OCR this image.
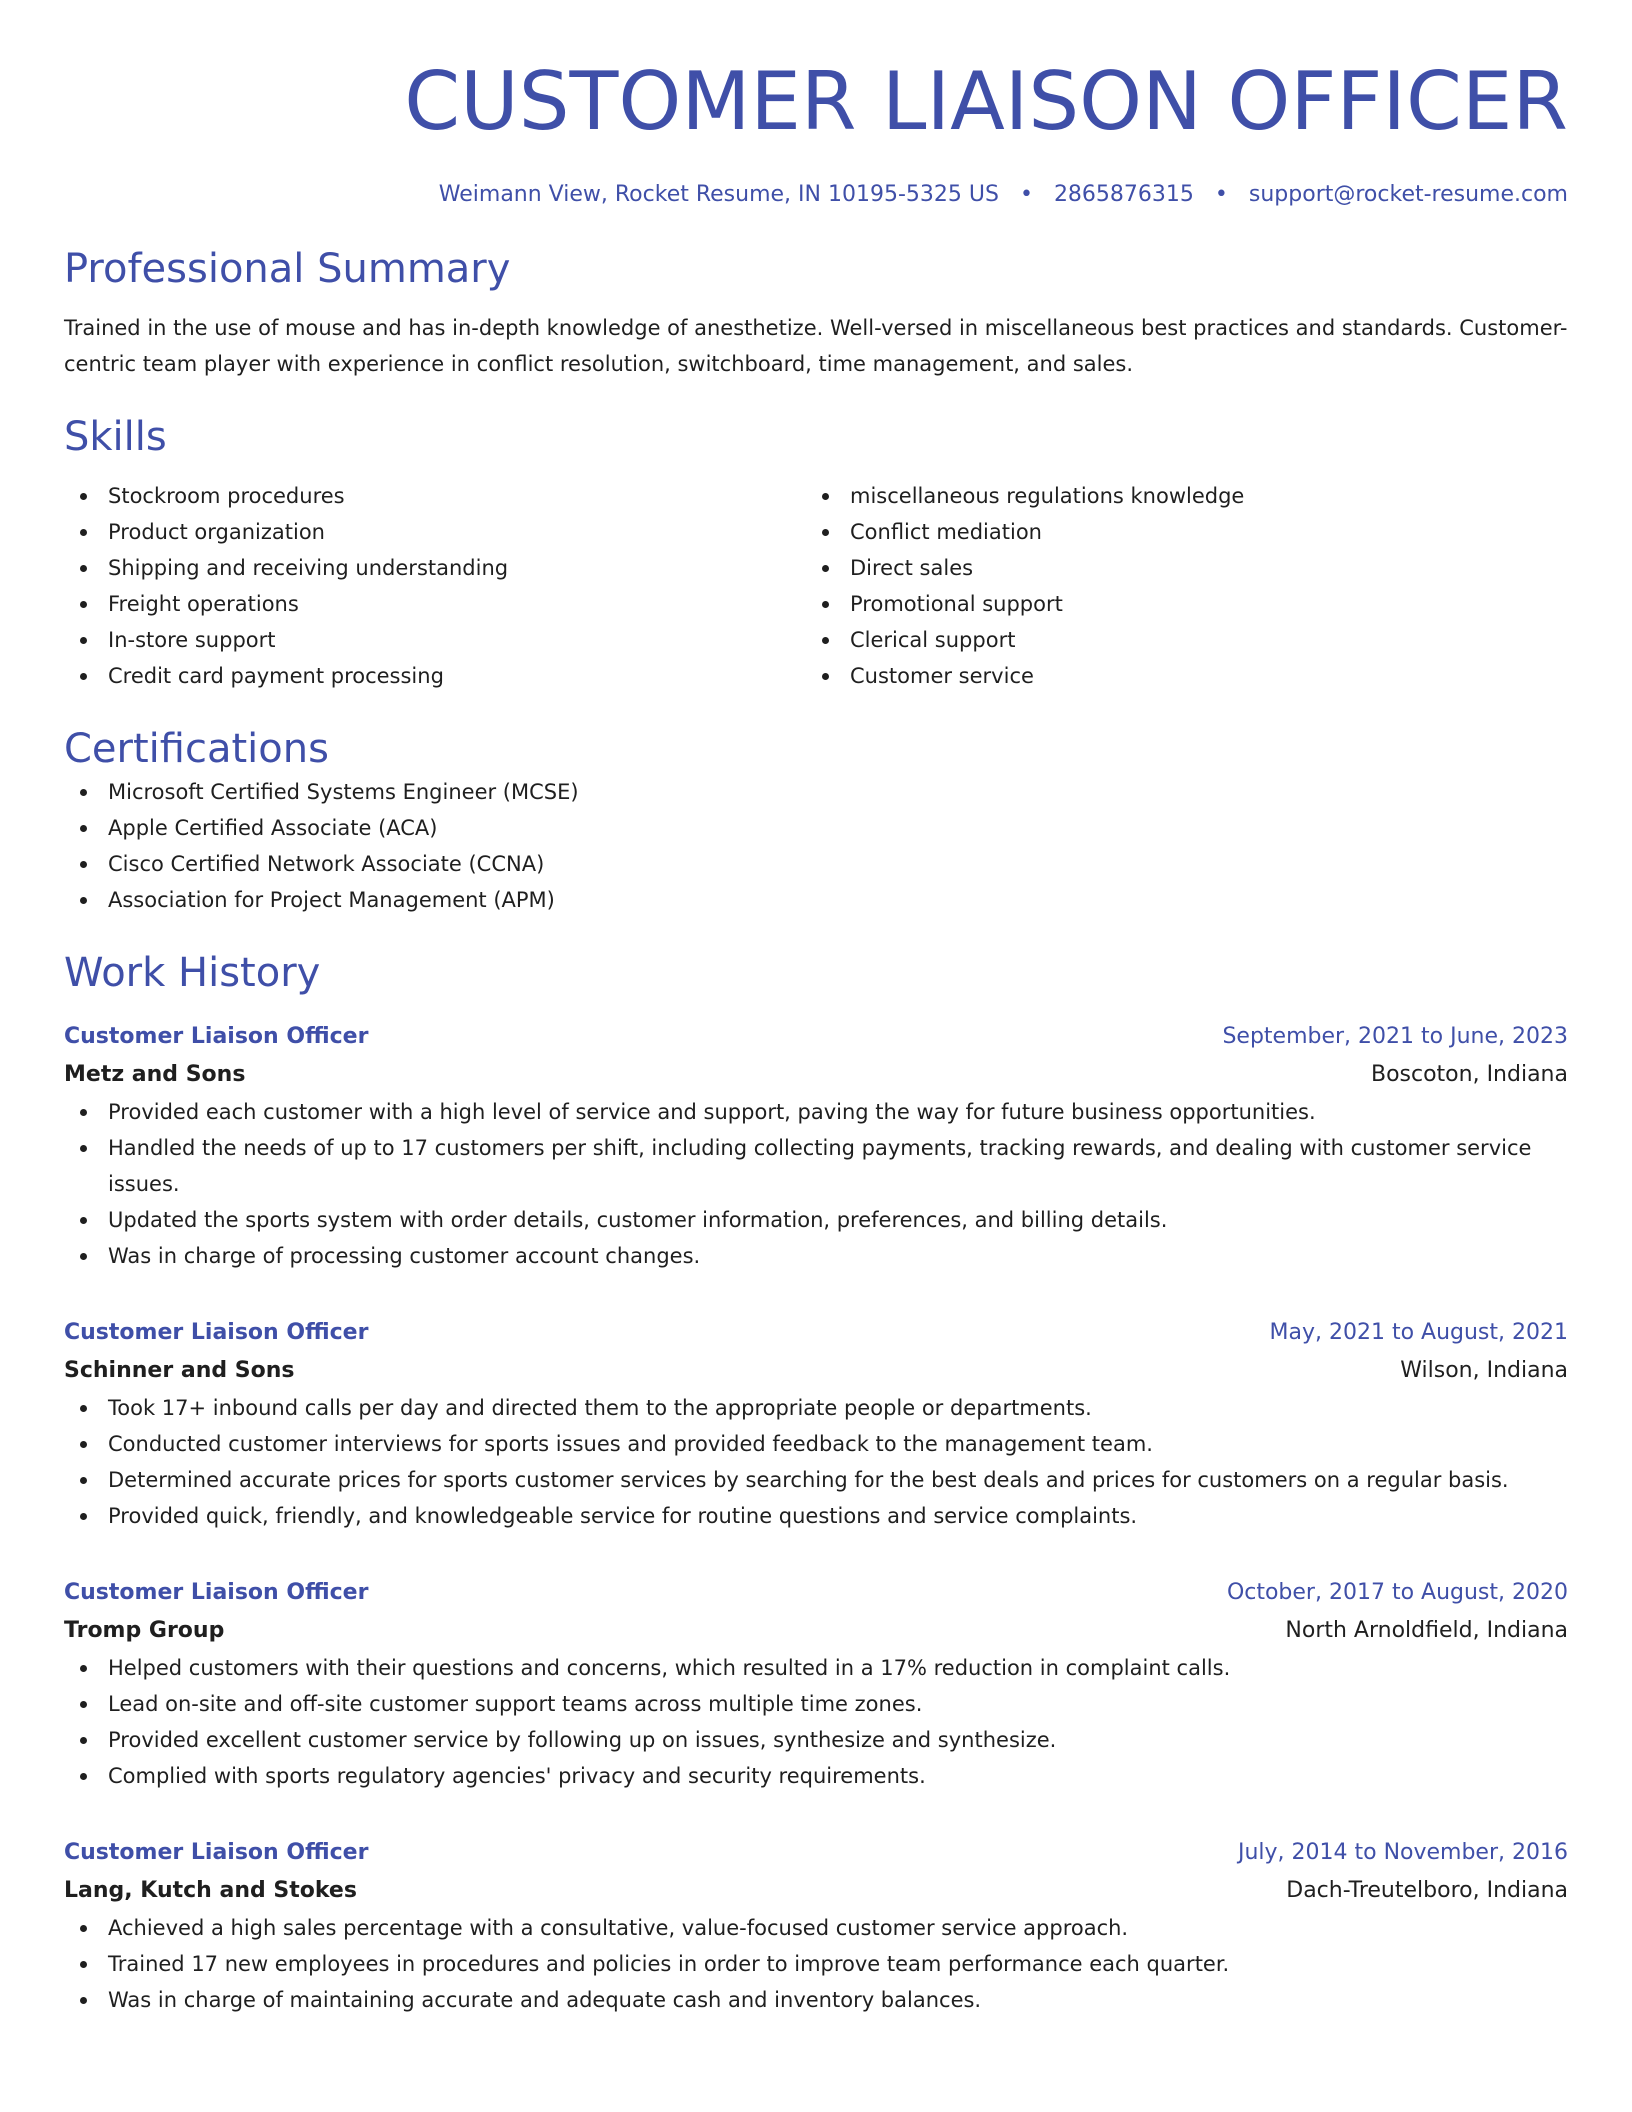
CUSTOMER LIAISON OFFICER
Weimann View, Rocket Resume, IN 10195-5325 US • 2865876315 • support@rocket-resume.com
Professional Summary
Trained in the use of mouse and has in-depth knowledge of anesthetize. Well-versed in miscellaneous best practices and standards. Customer-centric team player with experience in conflict resolution, switchboard, time management, and sales.
Skills
Stockroom procedures
Product organization
Shipping and receiving understanding
Freight operations
In-store support
Credit card payment processing
miscellaneous regulations knowledge
Conflict mediation
Direct sales
Promotional support
Clerical support
Customer service
Certifications
Microsoft Certified Systems Engineer (MCSE)
Apple Certified Associate (ACA)
Cisco Certified Network Associate (CCNA)
Association for Project Management (APM)
Work History
Customer Liaison Officer	September, 2021 to June, 2023
Metz and Sons	Boscoton, Indiana
Provided each customer with a high level of service and support, paving the way for future business opportunities.
Handled the needs of up to 17 customers per shift, including collecting payments, tracking rewards, and dealing with customer service issues.
Updated the sports system with order details, customer information, preferences, and billing details.
Was in charge of processing customer account changes.
Customer Liaison Officer	May, 2021 to August, 2021
Schinner and Sons	Wilson, Indiana
Took 17+ inbound calls per day and directed them to the appropriate people or departments.
Conducted customer interviews for sports issues and provided feedback to the management team.
Determined accurate prices for sports customer services by searching for the best deals and prices for customers on a regular basis.
Provided quick, friendly, and knowledgeable service for routine questions and service complaints.
Customer Liaison Officer	October, 2017 to August, 2020
Tromp Group	North Arnoldfield, Indiana
Helped customers with their questions and concerns, which resulted in a 17% reduction in complaint calls.
Lead on-site and off-site customer support teams across multiple time zones.
Provided excellent customer service by following up on issues, synthesize and synthesize.
Complied with sports regulatory agencies' privacy and security requirements.
Customer Liaison Officer	July, 2014 to November, 2016
Lang, Kutch and Stokes	Dach-Treutelboro, Indiana
Achieved a high sales percentage with a consultative, value-focused customer service approach.
Trained 17 new employees in procedures and policies in order to improve team performance each quarter.
Was in charge of maintaining accurate and adequate cash and inventory balances.
